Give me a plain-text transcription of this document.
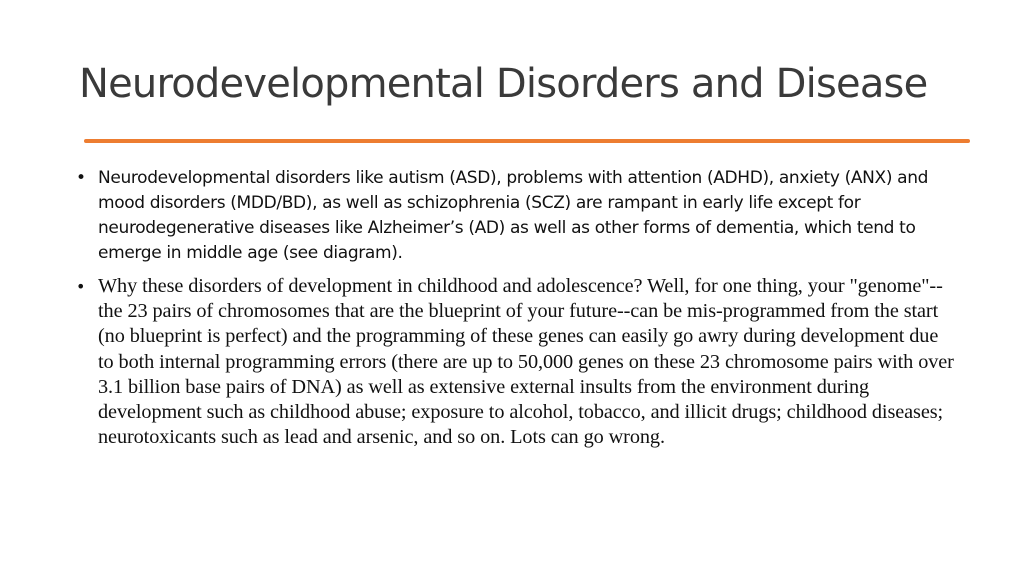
Neurodevelopmental Disorders and Disease
• Neurodevelopmental disorders like autism (ASD), problems with attention (ADHD), anxiety (ANX) and mood disorders (MDD/BD), as well as schizophrenia (SCZ) are rampant in early life except for neurodegenerative diseases like Alzheimer’s (AD) as well as other forms of dementia, which tend to emerge in middle age (see diagram).
• Why these disorders of development in childhood and adolescence? Well, for one thing, your "genome"--the 23 pairs of chromosomes that are the blueprint of your future--can be mis-programmed from the start (no blueprint is perfect) and the programming of these genes can easily go awry during development due to both internal programming errors (there are up to 50,000 genes on these 23 chromosome pairs with over 3.1 billion base pairs of DNA) as well as extensive external insults from the environment during development such as childhood abuse; exposure to alcohol, tobacco, and illicit drugs; childhood diseases; neurotoxicants such as lead and arsenic, and so on. Lots can go wrong.
